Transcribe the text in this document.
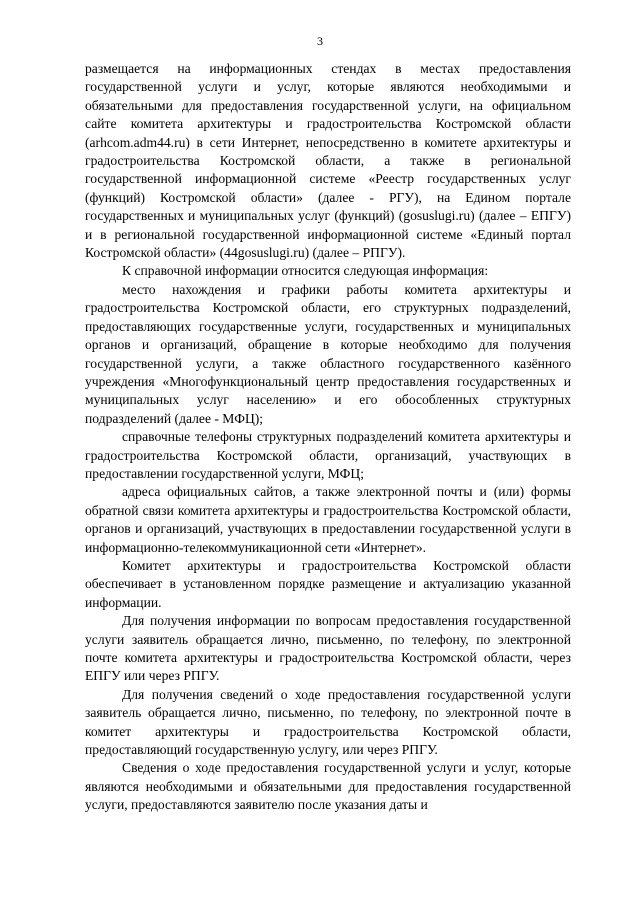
3

размещается на информационных стендах в местах предоставления государственной услуги и услуг, которые являются необходимыми и обязательными для предоставления государственной услуги, на официальном сайте комитета архитектуры и градостроительства Костромской области (arhcom.adm44.ru) в сети Интернет, непосредственно в комитете архитектуры и градостроительства Костромской области, а также в региональной государственной информационной системе «Реестр государственных услуг (функций) Костромской области» (далее - РГУ), на Едином портале государственных и муниципальных услуг (функций) (gosuslugi.ru) (далее – ЕПГУ) и в региональной государственной информационной системе «Единый портал Костромской области» (44gosuslugi.ru) (далее – РПГУ).

К справочной информации относится следующая информация:

место нахождения и графики работы комитета архитектуры и градостроительства Костромской области, его структурных подразделений, предоставляющих государственные услуги, государственных и муниципальных органов и организаций, обращение в которые необходимо для получения государственной услуги, а также областного государственного казённого учреждения «Многофункциональный центр предоставления государственных и муниципальных услуг населению» и его обособленных структурных подразделений (далее - МФЦ);

справочные телефоны структурных подразделений комитета архитектуры и градостроительства Костромской области, организаций, участвующих в предоставлении государственной услуги, МФЦ;

адреса официальных сайтов, а также электронной почты и (или) формы обратной связи комитета архитектуры и градостроительства Костромской области, органов и организаций, участвующих в предоставлении государственной услуги в информационно-телекоммуникационной сети «Интернет».

Комитет архитектуры и градостроительства Костромской области обеспечивает в установленном порядке размещение и актуализацию указанной информации.

Для получения информации по вопросам предоставления государственной услуги заявитель обращается лично, письменно, по телефону, по электронной почте комитета архитектуры и градостроительства Костромской области, через ЕПГУ или через РПГУ.

Для получения сведений о ходе предоставления государственной услуги заявитель обращается лично, письменно, по телефону, по электронной почте в комитет архитектуры и градостроительства Костромской области, предоставляющий государственную услугу, или через РПГУ.

Сведения о ходе предоставления государственной услуги и услуг, которые являются необходимыми и обязательными для предоставления государственной услуги, предоставляются заявителю после указания даты и
